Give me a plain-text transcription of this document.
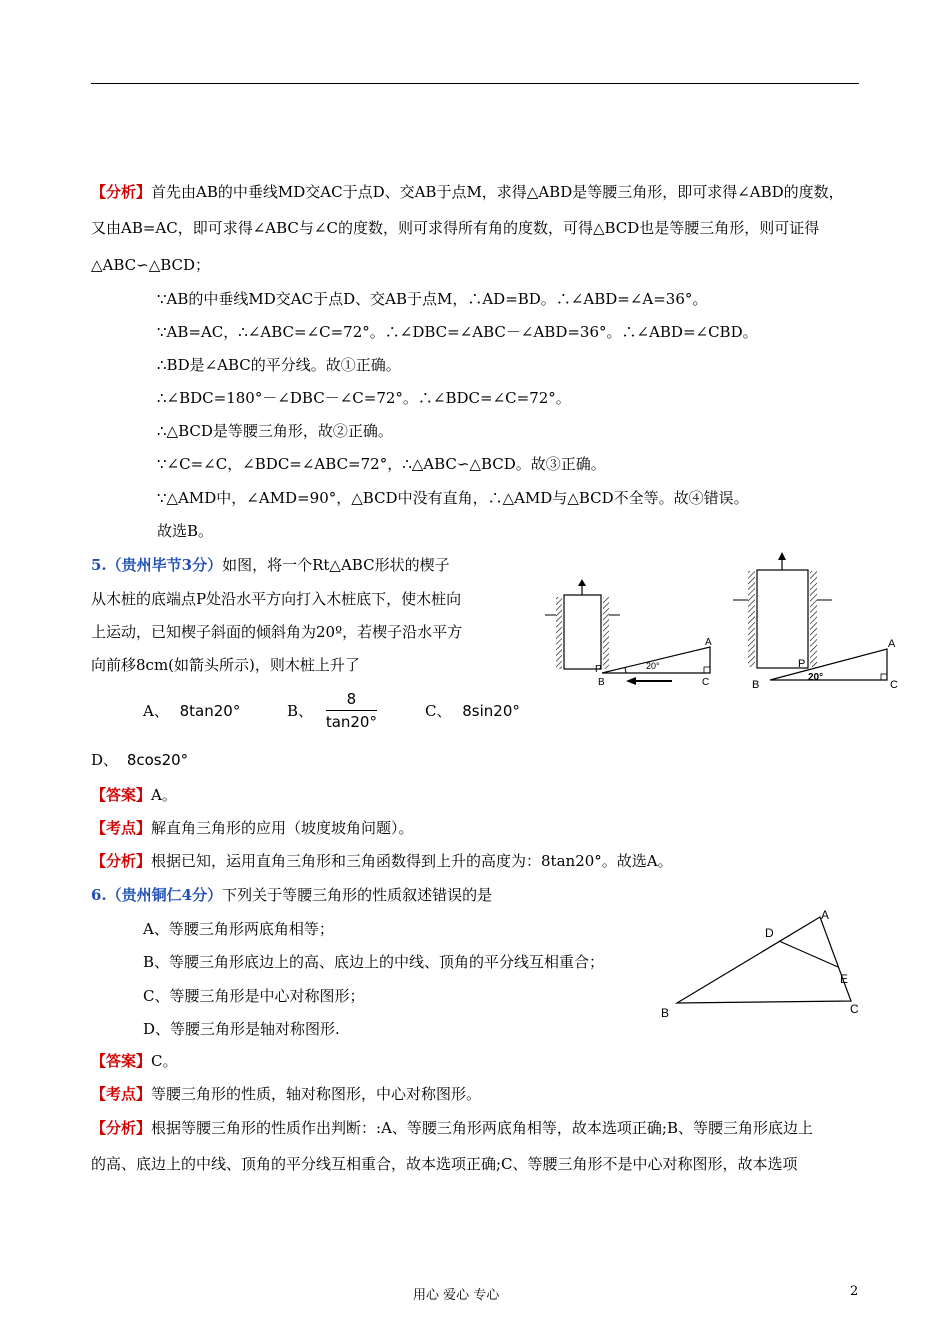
【分析】首先由AB的中垂线MD交AC于点D、交AB于点M，求得△ABD是等腰三角形，即可求得∠ABD的度数，
又由AB=AC，即可求得∠ABC与∠C的度数，则可求得所有角的度数，可得△BCD也是等腰三角形，则可证得
△ABC∽△BCD；
∵AB的中垂线MD交AC于点D、交AB于点M，∴AD=BD。∴∠ABD=∠A=36°。
∵AB=AC，∴∠ABC=∠C=72°。∴∠DBC=∠ABC－∠ABD=36°。∴∠ABD=∠CBD。
∴BD是∠ABC的平分线。故①正确。
∴∠BDC=180°－∠DBC－∠C=72°。∴∠BDC=∠C=72°。
∴△BCD是等腰三角形，故②正确。
∵∠C=∠C，∠BDC=∠ABC=72°，∴△ABC∽△BCD。故③正确。
∵△AMD中，∠AMD=90°，△BCD中没有直角，∴△AMD与△BCD不全等。故④错误。
故选B。
5.（贵州毕节3分）如图，将一个Rt△ABC形状的楔子
从木桩的底端点P处沿水平方向打入木桩底下，使木桩向
上运动，已知楔子斜面的倾斜角为20º，若楔子沿水平方
向前移8cm(如箭头所示)，则木桩上升了
A、 8tan20°	B、 $\frac{8}{\tan 20^\circ}$	C、 8sin20°
D、 8cos20°
【答案】A。
【考点】解直角三角形的应用（坡度坡角问题）。
【分析】根据已知，运用直角三角形和三角函数得到上升的高度为：8tan20°。故选A。
20°
A
B	C
P
20°
A
B	C
P
6.（贵州铜仁4分）下列关于等腰三角形的性质叙述错误的是
A、等腰三角形两底角相等；
B、等腰三角形底边上的高、底边上的中线、顶角的平分线互相重合；
C、等腰三角形是中心对称图形；
D、等腰三角形是轴对称图形.
A
B	C
D
E
【答案】C。
【考点】等腰三角形的性质，轴对称图形，中心对称图形。
【分析】根据等腰三角形的性质作出判断：:A、等腰三角形两底角相等，故本选项正确;B、等腰三角形底边上
的高、底边上的中线、顶角的平分线互相重合，故本选项正确;C、等腰三角形不是中心对称图形，故本选项
用心 爱心 专心	2
